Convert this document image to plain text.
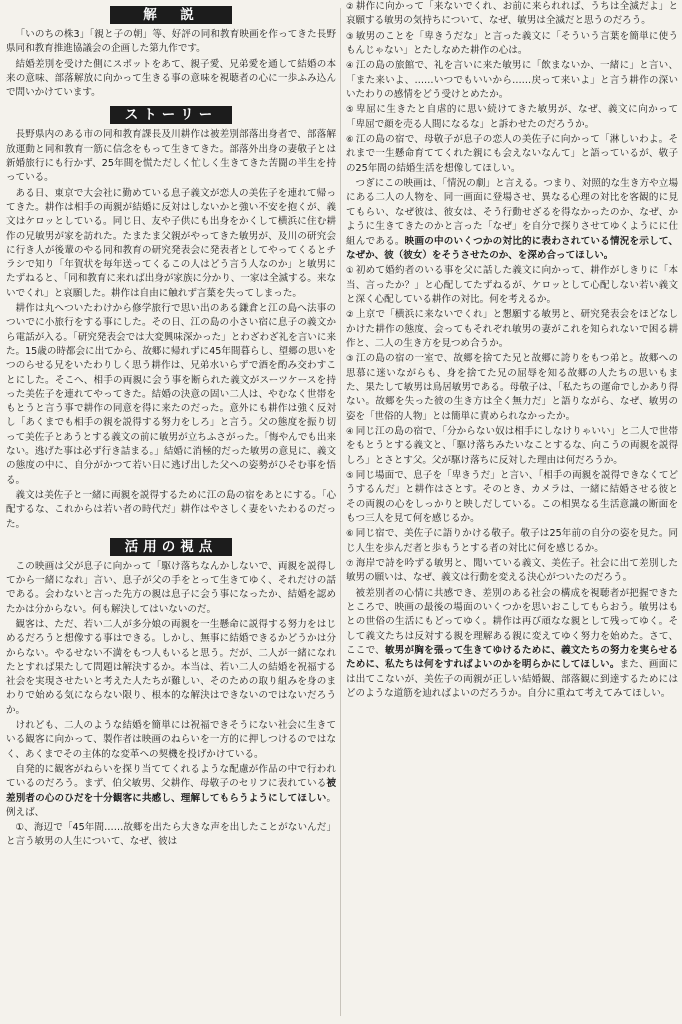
解　説

「いのちの株3」「親と子の朝」等、好評の同和教育映画を作ってきた長野県同和教育推進協議会の企画した第九作です。

結婚差別を受けた側にスポットをあて、親子愛、兄弟愛を通して結婚の本来の意味、部落解放に向かって生きる事の意味を視聴者の心に一歩ふみ込んで問いかけています。

ストーリー

長野県内のある市の同和教育課長及川耕作は被差別部落出身者で、部落解放運動と同和教育一筋に信念をもって生きてきた。部落外出身の妻敬子とは新婚旅行にも行かず、25年間を慌ただしく忙しく生きてきた苦闘の半生を持っている。

ある日、東京で大会社に勤めている息子義文が恋人の美佐子を連れて帰ってきた。耕作は相手の両親が結婚に反対はしないかと強い不安を抱くが、義文はケロッとしている。同じ日、友や子供にも出身をかくして横浜に住む耕作の兄敏男が家を訪れた。たまたま父親がやってきた敏男が、及川の研究会に行き人が後輩のやる同和教育の研究発表会に発表者としてやってくるとチラシで知り「年賀状を毎年送ってくるこの人はどう言う人なのか」と敏男にたずねると、「同和教育に来れば出身が家族に分かり、一家は全滅する。来ないでくれ」と哀願した。耕作は自由に触れず言葉を失ってしまった。

耕作は丸へついたわけから修学旅行で思い出のある鎌倉と江の島へ法事のついでに小旅行をする事にした。その日、江の島の小さい宿に息子の義文から電話が入る。「研究発表会では大変興味深かった」とわざわざ礼を言いに来た。15歳の時都会に出てから、故郷に帰れずに45年間暮らし、望郷の思いをつのらせる兄をいたわりしく思う耕作は、兄弟水いらずで酒を酌み交わすことにした。そこへ、相手の両親に会う事を断られた義文がスーツケースを持った美佐子を連れてやってきた。結婚の決意の固い二人は、やむなく世帯をもとうと言う事で耕作の同意を得に来たのだった。意外にも耕作は強く反対し「あくまでも相手の親を説得する努力をしろ」と言う。父の態度を振り切って美佐子とあうとする義文の前に敏男が立ちふさがった。「悔やんでも出来ない。逃げた事は必ず行き詰まる。」結婚に消極的だった敏男の意見に、義文の態度の中に、自分がかつて若い日に逃げ出した父への姿勢がひそむ事を悟る。

義文は美佐子と一緒に両親を説得するために江の島の宿をあとにする。「心配するな、これからは若い者の時代だ」耕作はやさしく妻をいたわるのだった。

活用の視点

この映画は父が息子に向かって「駆け落ちなんかしないで、両親を説得してから一緒になれ」言い、息子が父の手をとって生きてゆく、それだけの話である。会わないと言った先方の親は息子に会う事になったか、結婚を認めたかは分からない。何も解決してはいないのだ。

観客は、ただ、若い二人が多分娘の両親を一生懸命に説得する努力をはじめるだろうと想像する事はできる。しかし、無事に結婚できるかどうかは分からない。やるせない不満をもつ人もいると思う。だが、二人が一緒になれたとすれば果たして問題は解決するか。本当は、若い二人の結婚を祝福する社会を実現させたいと考えた人たちが難しい、そのための取り組みを身のまわりで始める気にならない限り、根本的な解決はできないのではないだろうか。

けれども、二人のような結婚を簡単には祝福できそうにない社会に生きている観客に向かって、製作者は映画のねらいを一方的に押しつけるのではなく、あくまでその主体的な変革への契機を投げかけている。

自発的に観客がねらいを探り当ててくれるような配慮が作品の中で行われているのだろう。まず、伯父敏男、父耕作、母敬子のセリフに表れている被差別者の心のひだを十分観客に共感し、理解してもらうようにしてほしい。例えば、

①、海辺で「45年間……故郷を出たら大きな声を出したことがないんだ」と言う敏男の人生について、なぜ、彼は

② 耕作に向かって「来ないでくれ、お前に来られれば、うちは全滅だよ」と哀願する敏男の気持ちについて、なぜ、敏男は全滅だと思うのだろう。

③ 敏男のことを「卑きうだな」と言った義文に「そういう言葉を簡単に使うもんじゃない」とたしなめた耕作の心は。

④ 江の島の旅館で、礼を言いに来た敏男に「飲まないか、一緒に」と言い、「また来いよ、……いつでもいいから……戻って来いよ」と言う耕作の深いいたわりの感情をどう受けとめたか。

⑤ 卑屈に生きたと自虐的に思い続けてきた敏男が、なぜ、義文に向かって「卑屈で顔を売る人間になるな」と訴わせたのだろうか。

⑥ 江の島の宿で、母敬子が息子の恋人の美佐子に向かって「淋しいわよ。それまで一生懸命育ててくれた親にも会えないなんて」と語っているが、敬子の25年間の結婚生活を想像してほしい。

つぎにこの映画は、「情況の劇」と言える。つまり、対照的な生き方や立場にある二人の人物を、同一画面に登場させ、異なる心理の対比を客観的に見てもらい、なぜ彼は、彼女は、そう行動せざるを得なかったのか、なぜ、かように生きてきたのかと言った「なぜ」を自分で探りさせてゆくようにに仕組んである。映画の中のいくつかの対比的に表わされている情況を示して、なぜか、彼（彼女）をそうさせたのか、を深め合ってほしい。

① 初めて婚約者のいる事を父に話した義文に向かって、耕作がしきりに「本当、言ったか？」と心配してたずねるが、ケロッとして心配しない若い義文と深く心配している耕作の対比。何を考えるか。

② 上京で「横浜に来ないでくれ」と懇願する敏男と、研究発表会をほどなしかけた耕作の態度、会ってもそれぞれ敏男の妻がこれを知られないで困る耕作と、二人の生き方を見つめ合うか。

③ 江の島の宿の一室で、故郷を捨てた兄と故郷に誇りをもつ弟と。故郷への思慕に迷いながらも、身を捨てた兄の屈辱を知る故郷の人たちの思いもまた、果たして敏男は鳥居敏男である。母敬子は、「私たちの運命でしかあり得ない。故郷を失った彼の生き方は全く無力だ」と語りながら、なぜ、敏男の姿を「世俗的人物」とは簡単に責められなかったか。

④ 同じ江の島の宿で、「分からない奴は相手にしなけりゃいい」と二人で世帯をもとうとする義文と、「駆け落ちみたいなことするな、向こうの両親を説得しろ」とさとす父。父が駆け落ちに反対した理由は何だろうか。

⑤ 同じ場面で、息子を「卑きうだ」と言い、「相手の両親を説得できなくてどうするんだ」と耕作はさとす。そのとき、カメラは、一緒に結婚させる彼とその両親の心をしっかりと映しだしている。この相異なる生活意識の断面をもつ三人を見て何を感じるか。

⑥ 同じ宿で、美佐子に語りかける敬子。敬子は25年前の自分の姿を見た。同じ人生を歩んだ者と歩もうとする者の対比に何を感じるか。

⑦ 海岸で詩を吟ずる敏男と、聞いている義文、美佐子。社会に出て差別した敏男の願いは、なぜ、義文は行動を変える決心がついたのだろう。

被差別者の心情に共感でき、差別のある社会の構成を視聴者が把握できたところで、映画の最後の場面のいくつかを思いおこしてもらおう。敏男はもとの世俗の生活にもどってゆく。耕作は再び頑なな親として残ってゆく。そして義文たちは反対する親を理解ある親に変えてゆく努力を始めた。さて、ここで、敏男が胸を張って生きてゆけるために、義文たちの努力を実らせるために、私たちは何をすればよいのかを明らかにしてほしい。また、画面には出てこないが、美佐子の両親が正しい結婚観、部落観に到達するためにはどのような道筋を辿ればよいのだろうか。自分に重ねて考えてみてほしい。
